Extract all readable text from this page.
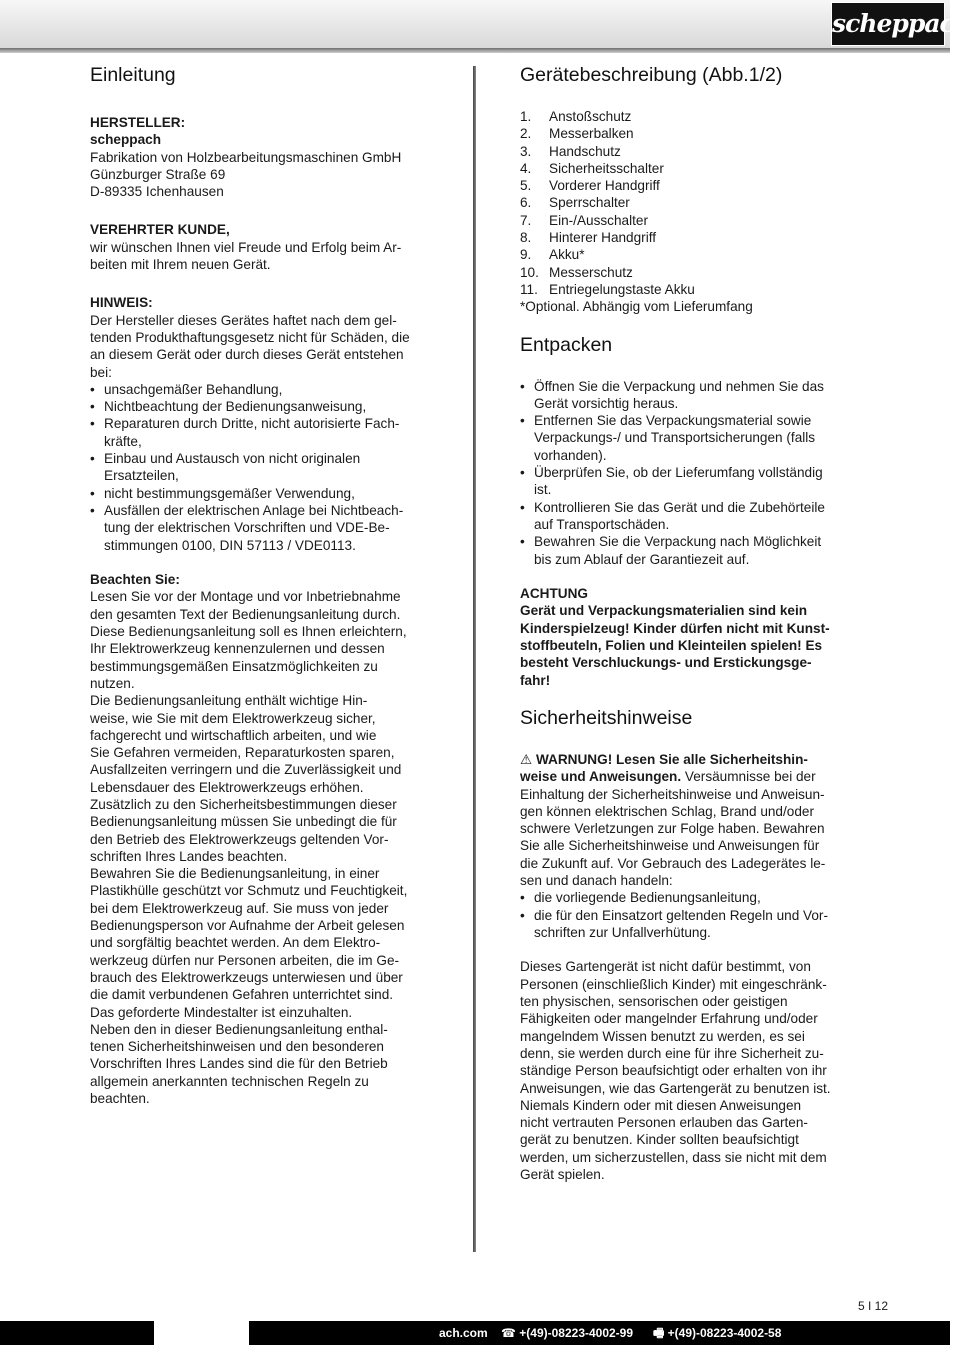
scheppach
Einleitung

HERSTELLER:

scheppach

Fabrikation von Holzbearbeitungsmaschinen GmbH

Günzburger Straße 69

D-89335 Ichenhausen

VEREHRTER KUNDE,

wir wünschen Ihnen viel Freude und Erfolg beim Ar-

beiten mit Ihrem neuen Gerät.

HINWEIS:

Der Hersteller dieses Gerätes haftet nach dem gel-

tenden Produkthaftungsgesetz nicht für Schäden, die

an diesem Gerät oder durch dieses Gerät entstehen

bei:

• unsachgemäßer Behandlung,
• Nichtbeachtung der Bedienungsanweisung,
• Reparaturen durch Dritte, nicht autorisierte Fach-
kräfte,
• Einbau und Austausch von nicht originalen
Ersatzteilen,
• nicht bestimmungsgemäßer Verwendung,
• Ausfällen der elektrischen Anlage bei Nichtbeach-
tung der elektrischen Vorschriften und VDE-Be-
stimmungen 0100, DIN 57113 / VDE0113.

Beachten Sie:

Lesen Sie vor der Montage und vor Inbetriebnahme

den gesamten Text der Bedienungsanleitung durch.

Diese Bedienungsanleitung soll es Ihnen erleichtern,

Ihr Elektrowerkzeug kennenzulernen und dessen

bestimmungsgemäßen Einsatzmöglichkeiten zu

nutzen.

Die Bedienungsanleitung enthält wichtige Hin-

weise, wie Sie mit dem Elektrowerkzeug sicher,

fachgerecht und wirtschaftlich arbeiten, und wie

Sie Gefahren vermeiden, Reparaturkosten sparen,

Ausfallzeiten verringern und die Zuverlässigkeit und

Lebensdauer des Elektrowerkzeugs erhöhen.

Zusätzlich zu den Sicherheitsbestimmungen dieser

Bedienungsanleitung müssen Sie unbedingt die für

den Betrieb des Elektrowerkzeugs geltenden Vor-

schriften Ihres Landes beachten.

Bewahren Sie die Bedienungsanleitung, in einer

Plastikhülle geschützt vor Schmutz und Feuchtigkeit,

bei dem Elektrowerkzeug auf. Sie muss von jeder

Bedienungsperson vor Aufnahme der Arbeit gelesen

und sorgfältig beachtet werden. An dem Elektro-

werkzeug dürfen nur Personen arbeiten, die im Ge-

brauch des Elektrowerkzeugs unterwiesen und über

die damit verbundenen Gefahren unterrichtet sind.

Das geforderte Mindestalter ist einzuhalten.

Neben den in dieser Bedienungsanleitung enthal-

tenen Sicherheitshinweisen und den besonderen

Vorschriften Ihres Landes sind die für den Betrieb

allgemein anerkannten technischen Regeln zu

beachten.

Gerätebeschreibung (Abb.1/2)
1. Anstoßschutz
2. Messerbalken
3. Handschutz
4. Sicherheitsschalter
5. Vorderer Handgriff
6. Sperrschalter
7. Ein-/Ausschalter
8. Hinterer Handgriff
9. Akku*
10. Messerschutz
11. Entriegelungstaste Akku

*Optional. Abhängig vom Lieferumfang

Entpacken
• Öffnen Sie die Verpackung und nehmen Sie das
Gerät vorsichtig heraus.
• Entfernen Sie das Verpackungsmaterial sowie
Verpackungs-/ und Transportsicherungen (falls
vorhanden).
• Überprüfen Sie, ob der Lieferumfang vollständig
ist.
• Kontrollieren Sie das Gerät und die Zubehörteile
auf Transportschäden.
• Bewahren Sie die Verpackung nach Möglichkeit
bis zum Ablauf der Garantiezeit auf.

ACHTUNG

Gerät und Verpackungsmaterialien sind kein

Kinderspielzeug! Kinder dürfen nicht mit Kunst-

stoffbeuteln, Folien und Kleinteilen spielen! Es

besteht Verschluckungs- und Erstickungsge-

fahr!

Sicherheitshinweise

⚠ WARNUNG! Lesen Sie alle Sicherheitshin-

weise und Anweisungen. Versäumnisse bei der

Einhaltung der Sicherheitshinweise und Anweisun-

gen können elektrischen Schlag, Brand und/oder

schwere Verletzungen zur Folge haben. Bewahren

Sie alle Sicherheitshinweise und Anweisungen für

die Zukunft auf. Vor Gebrauch des Ladegerätes le-

sen und danach handeln:

• die vorliegende Bedienungsanleitung,
• die für den Einsatzort geltenden Regeln und Vor-
schriften zur Unfallverhütung.

Dieses Gartengerät ist nicht dafür bestimmt, von

Personen (einschließlich Kinder) mit eingeschränk-

ten physischen, sensorischen oder geistigen

Fähigkeiten oder mangelnder Erfahrung und/oder

mangelndem Wissen benutzt zu werden, es sei

denn, sie werden durch eine für ihre Sicherheit zu-

ständige Person beaufsichtigt oder erhalten von ihr

Anweisungen, wie das Gartengerät zu benutzen ist.

Niemals Kindern oder mit diesen Anweisungen

nicht vertrauten Personen erlauben das Garten-

gerät zu benutzen. Kinder sollten beaufsichtigt

werden, um sicherzustellen, dass sie nicht mit dem

Gerät spielen.

5 I 12
ach.com ☎ +(49)-08223-4002-99 🖷 +(49)-08223-4002-58
